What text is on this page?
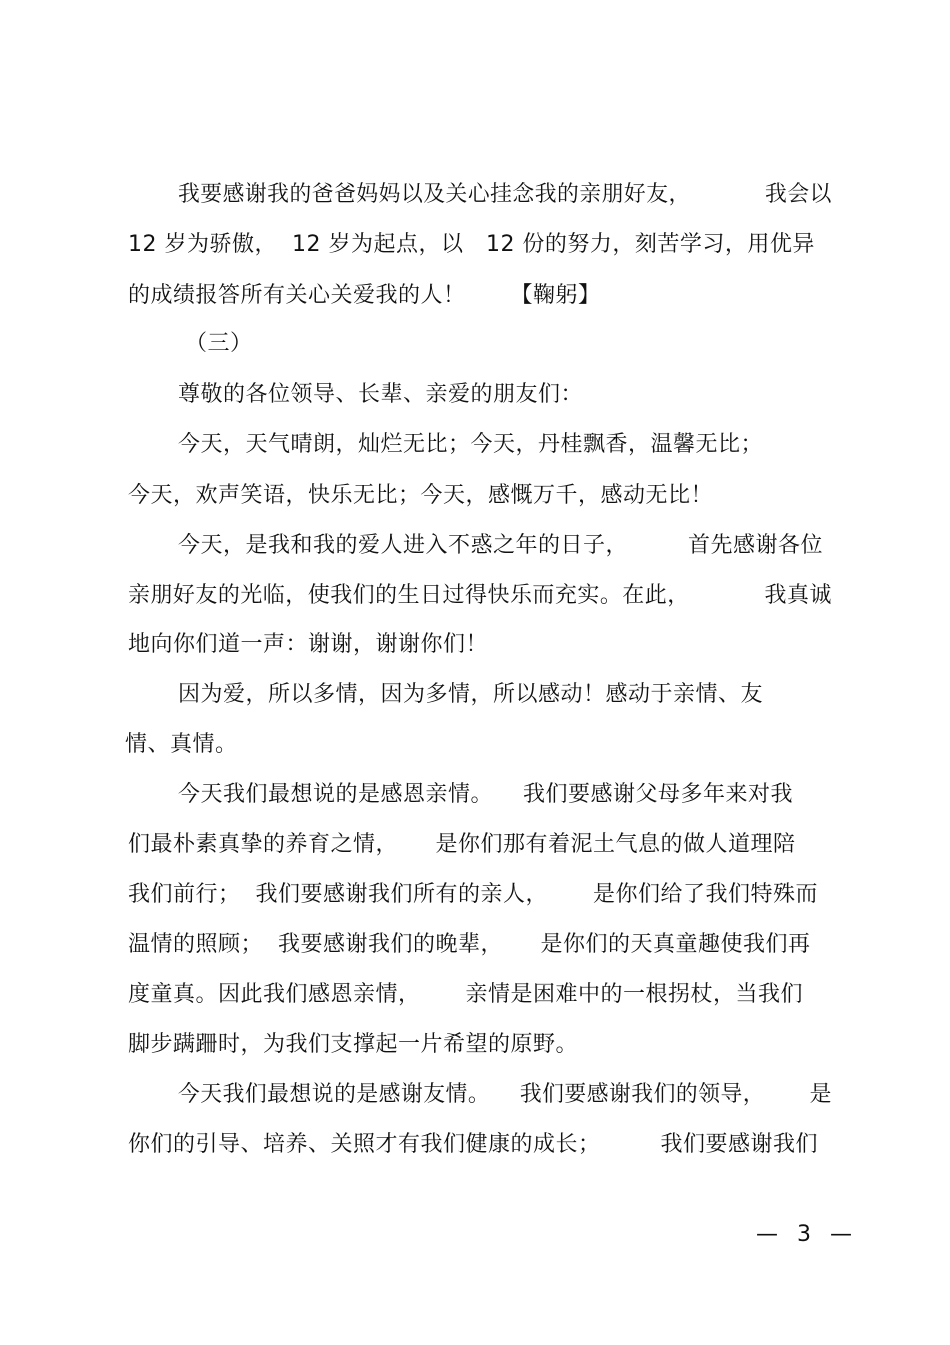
我要感谢我的爸爸妈妈以及关心挂念我的亲朋好友，          我会以
12 岁为骄傲，  12 岁为起点，以   12 份的努力，刻苦学习，用优异
的成绩报答所有关心关爱我的人！      【鞠躬】
（三）
尊敬的各位领导、长辈、亲爱的朋友们：
今天，天气晴朗，灿烂无比；今天，丹桂飘香，温馨无比；
今天，欢声笑语，快乐无比；今天，感慨万千，感动无比！
今天，是我和我的爱人进入不惑之年的日子，        首先感谢各位
亲朋好友的光临，使我们的生日过得快乐而充实。在此，          我真诚
地向你们道一声：谢谢，谢谢你们！
因为爱，所以多情，因为多情，所以感动！感动于亲情、友
情、真情。
今天我们最想说的是感恩亲情。    我们要感谢父母多年来对我
们最朴素真挚的养育之情，     是你们那有着泥土气息的做人道理陪
我们前行；  我们要感谢我们所有的亲人，      是你们给了我们特殊而
温情的照顾；  我要感谢我们的晚辈，     是你们的天真童趣使我们再
度童真。因此我们感恩亲情，      亲情是困难中的一根拐杖，当我们
脚步蹒跚时，为我们支撑起一片希望的原野。
今天我们最想说的是感谢友情。    我们要感谢我们的领导，      是
你们的引导、培养、关照才有我们健康的成长；        我们要感谢我们
— 3 —
